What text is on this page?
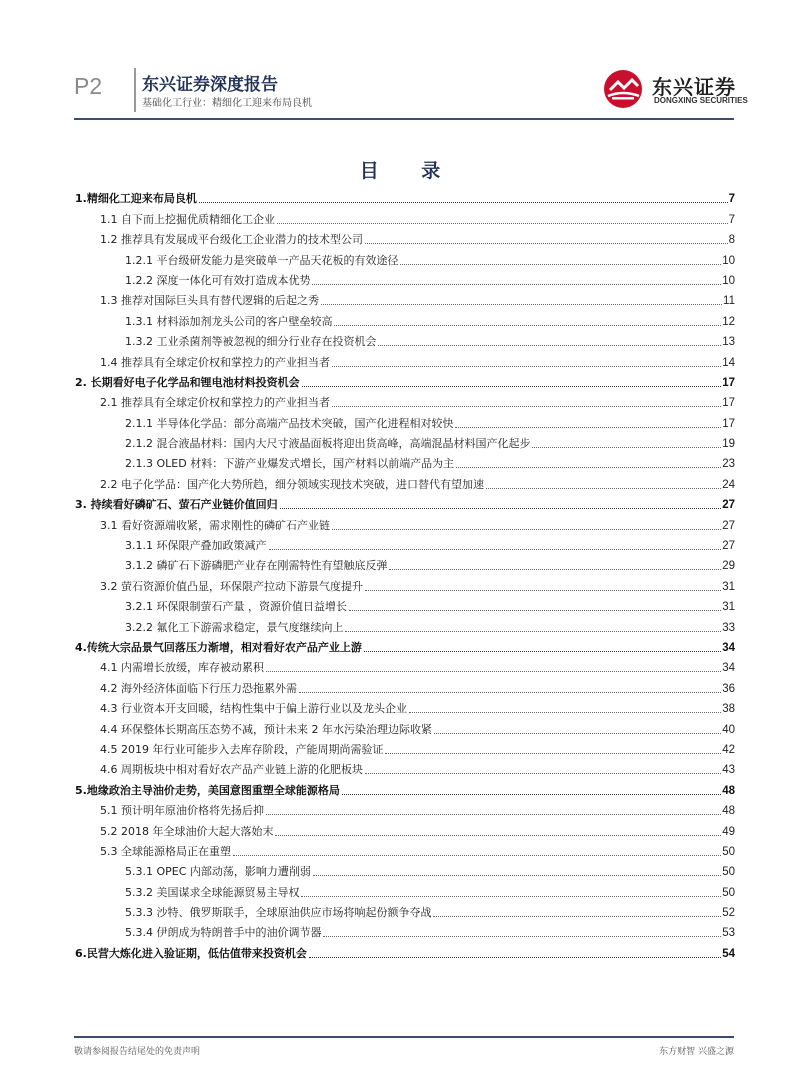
P2 东兴证券深度报告
基础化工行业：精细化工迎来布局良机
东兴证券
DONGXING SECURITIES
目 录
1.精细化工迎来布局良机	7
1.1 自下而上挖掘优质精细化工企业	7
1.2 推荐具有发展成平台级化工企业潜力的技术型公司	8
1.2.1 平台级研发能力是突破单一产品天花板的有效途径	10
1.2.2 深度一体化可有效打造成本优势	10
1.3 推荐对国际巨头具有替代逻辑的后起之秀	11
1.3.1 材料添加剂龙头公司的客户壁垒较高	12
1.3.2 工业杀菌剂等被忽视的细分行业存在投资机会	13
1.4 推荐具有全球定价权和掌控力的产业担当者	14
2. 长期看好电子化学品和锂电池材料投资机会	17
2.1 推荐具有全球定价权和掌控力的产业担当者	17
2.1.1 半导体化学品：部分高端产品技术突破，国产化进程相对较快	17
2.1.2 混合液晶材料：国内大尺寸液晶面板将迎出货高峰，高端混晶材料国产化起步	19
2.1.3 OLED 材料：下游产业爆发式增长，国产材料以前端产品为主	23
2.2 电子化学品：国产化大势所趋，细分领域实现技术突破，进口替代有望加速	24
3. 持续看好磷矿石、萤石产业链价值回归	27
3.1 看好资源端收紧，需求刚性的磷矿石产业链	27
3.1.1 环保限产叠加政策减产	27
3.1.2 磷矿石下游磷肥产业存在刚需特性有望触底反弹	29
3.2 萤石资源价值凸显，环保限产拉动下游景气度提升	31
3.2.1 环保限制萤石产量 ，资源价值日益增长	31
3.2.2 氟化工下游需求稳定，景气度继续向上	33
4.传统大宗品景气回落压力渐增，相对看好农产品产业上游	34
4.1 内需增长放缓，库存被动累积	34
4.2 海外经济体面临下行压力恐拖累外需	36
4.3 行业资本开支回暖，结构性集中于偏上游行业以及龙头企业	38
4.4 环保整体长期高压态势不减，预计未来 2 年水污染治理边际收紧	40
4.5 2019 年行业可能步入去库存阶段，产能周期尚需验证	42
4.6 周期板块中相对看好农产品产业链上游的化肥板块	43
5.地缘政治主导油价走势，美国意图重塑全球能源格局	48
5.1 预计明年原油价格将先扬后抑	48
5.2 2018 年全球油价大起大落始末	49
5.3 全球能源格局正在重塑	50
5.3.1 OPEC 内部动荡，影响力遭削弱	50
5.3.2 美国谋求全球能源贸易主导权	50
5.3.3 沙特、俄罗斯联手，全球原油供应市场将响起份额争夺战	52
5.3.4 伊朗成为特朗普手中的油价调节器	53
6.民营大炼化进入验证期，低估值带来投资机会	54
敬请参阅报告结尾处的免责声明	东方财智 兴盛之源
